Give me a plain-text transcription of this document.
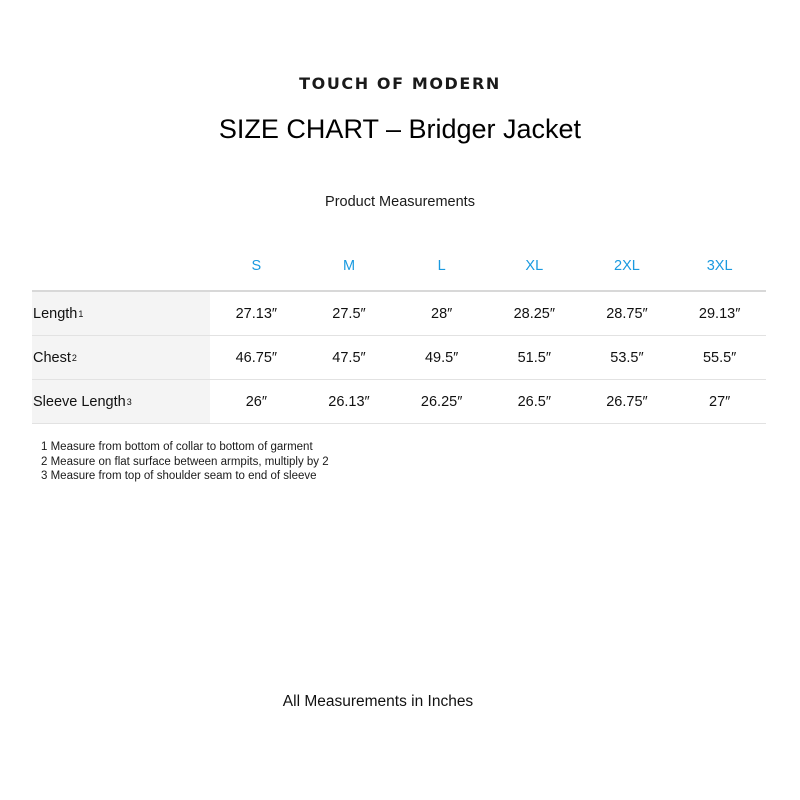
TOUCH OF MODERN
SIZE CHART – Bridger Jacket
Product Measurements
	S	M	L	XL	2XL	3XL
Length1	27.13″	27.5″	28″	28.25″	28.75″	29.13″
Chest2	46.75″	47.5″	49.5″	51.5″	53.5″	55.5″
Sleeve Length3	26″	26.13″	26.25″	26.5″	26.75″	27″
1 Measure from bottom of collar to bottom of garment
2 Measure on flat surface between armpits, multiply by 2
3 Measure from top of shoulder seam to end of sleeve
All Measurements in Inches
